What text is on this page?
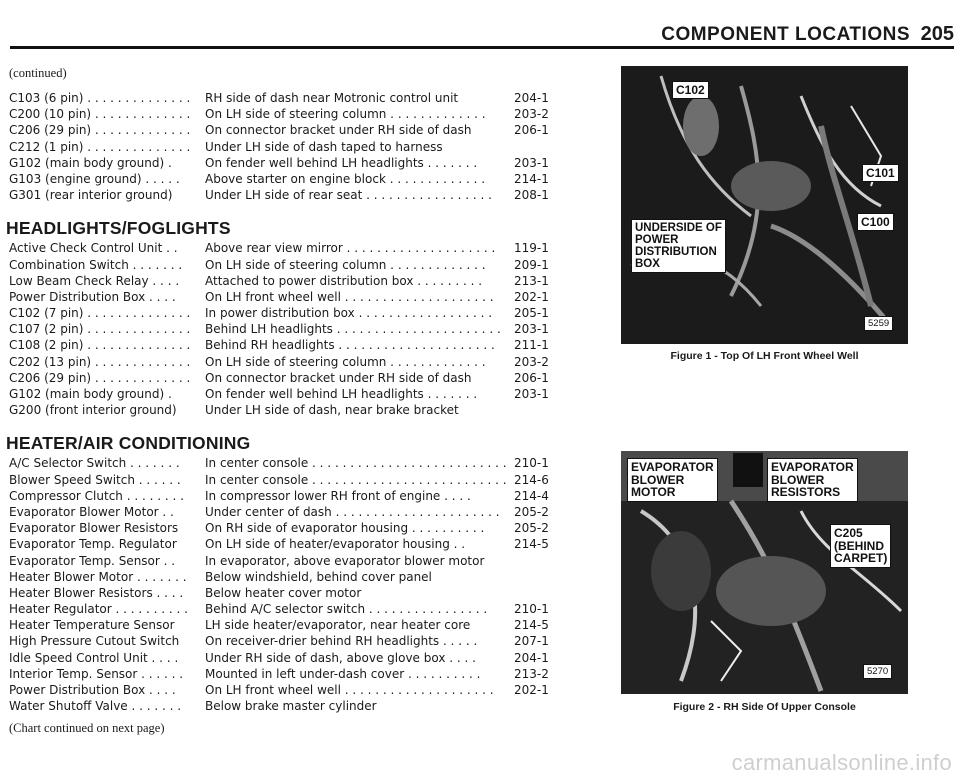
COMPONENT LOCATIONS 205
(continued)
C103 (6 pin) . . . . . . . . . . . . . .	RH side of dash near Motronic control unit	204-1
C200 (10 pin) . . . . . . . . . . . . .	On LH side of steering column . . . . . . . . . . . . .	203-2
C206 (29 pin) . . . . . . . . . . . . .	On connector bracket under RH side of dash	206-1
C212 (1 pin) . . . . . . . . . . . . . .	Under LH side of dash taped to harness
G102 (main body ground) .	On fender well behind LH headlights . . . . . . .	203-1
G103 (engine ground) . . . . .	Above starter on engine block . . . . . . . . . . . . .	214-1
G301 (rear interior ground)	Under LH side of rear seat . . . . . . . . . . . . . . . . .	208-1
HEADLIGHTS/FOGLIGHTS
Active Check Control Unit . .	Above rear view mirror . . . . . . . . . . . . . . . . . . . .	119-1
Combination Switch . . . . . . .	On LH side of steering column . . . . . . . . . . . . .	209-1
Low Beam Check Relay . . . .	Attached to power distribution box . . . . . . . . .	213-1
Power Distribution Box . . . .	On LH front wheel well . . . . . . . . . . . . . . . . . . . .	202-1
C102 (7 pin) . . . . . . . . . . . . . .	In power distribution box . . . . . . . . . . . . . . . . . .	205-1
C107 (2 pin) . . . . . . . . . . . . . .	Behind LH headlights . . . . . . . . . . . . . . . . . . . . . .	203-1
C108 (2 pin) . . . . . . . . . . . . . .	Behind RH headlights . . . . . . . . . . . . . . . . . . . . .	211-1
C202 (13 pin) . . . . . . . . . . . . .	On LH side of steering column . . . . . . . . . . . . .	203-2
C206 (29 pin) . . . . . . . . . . . . .	On connector bracket under RH side of dash	206-1
G102 (main body ground) .	On fender well behind LH headlights . . . . . . .	203-1
G200 (front interior ground)	Under LH side of dash, near brake bracket
HEATER/AIR CONDITIONING
A/C Selector Switch . . . . . . .	In center console . . . . . . . . . . . . . . . . . . . . . . . . . . 210-1
Blower Speed Switch . . . . . .	In center console . . . . . . . . . . . . . . . . . . . . . . . . . . 214-6
Compressor Clutch . . . . . . . .	In compressor lower RH front of engine . . . .	214-4
Evaporator Blower Motor . .	Under center of dash . . . . . . . . . . . . . . . . . . . . . .	205-2
Evaporator Blower Resistors	On RH side of evaporator housing . . . . . . . . . .	205-2
Evaporator Temp. Regulator	On LH side of heater/evaporator housing . .	214-5
Evaporator Temp. Sensor . .	In evaporator, above evaporator blower motor
Heater Blower Motor . . . . . . .	Below windshield, behind cover panel
Heater Blower Resistors . . . .	Below heater cover motor
Heater Regulator . . . . . . . . . .	Behind A/C selector switch . . . . . . . . . . . . . . . .	210-1
Heater Temperature Sensor	LH side heater/evaporator, near heater core	214-5
High Pressure Cutout Switch	On receiver-drier behind RH headlights . . . . .	207-1
Idle Speed Control Unit . . . .	Under RH side of dash, above glove box . . . .	204-1
Interior Temp. Sensor . . . . . .	Mounted in left under-dash cover . . . . . . . . . .	213-2
Power Distribution Box . . . .	On LH front wheel well . . . . . . . . . . . . . . . . . . . .	202-1
Water Shutoff Valve . . . . . . .	Below brake master cylinder
(Chart continued on next page)
C102
C101
C100
UNDERSIDE OF
POWER
DISTRIBUTION
BOX
5259
Figure 1 - Top Of LH Front Wheel Well
EVAPORATOR
BLOWER
MOTOR
EVAPORATOR
BLOWER
RESISTORS
C205
(BEHIND
CARPET)
5270
Figure 2 - RH Side Of Upper Console
carmanualsonline.info
